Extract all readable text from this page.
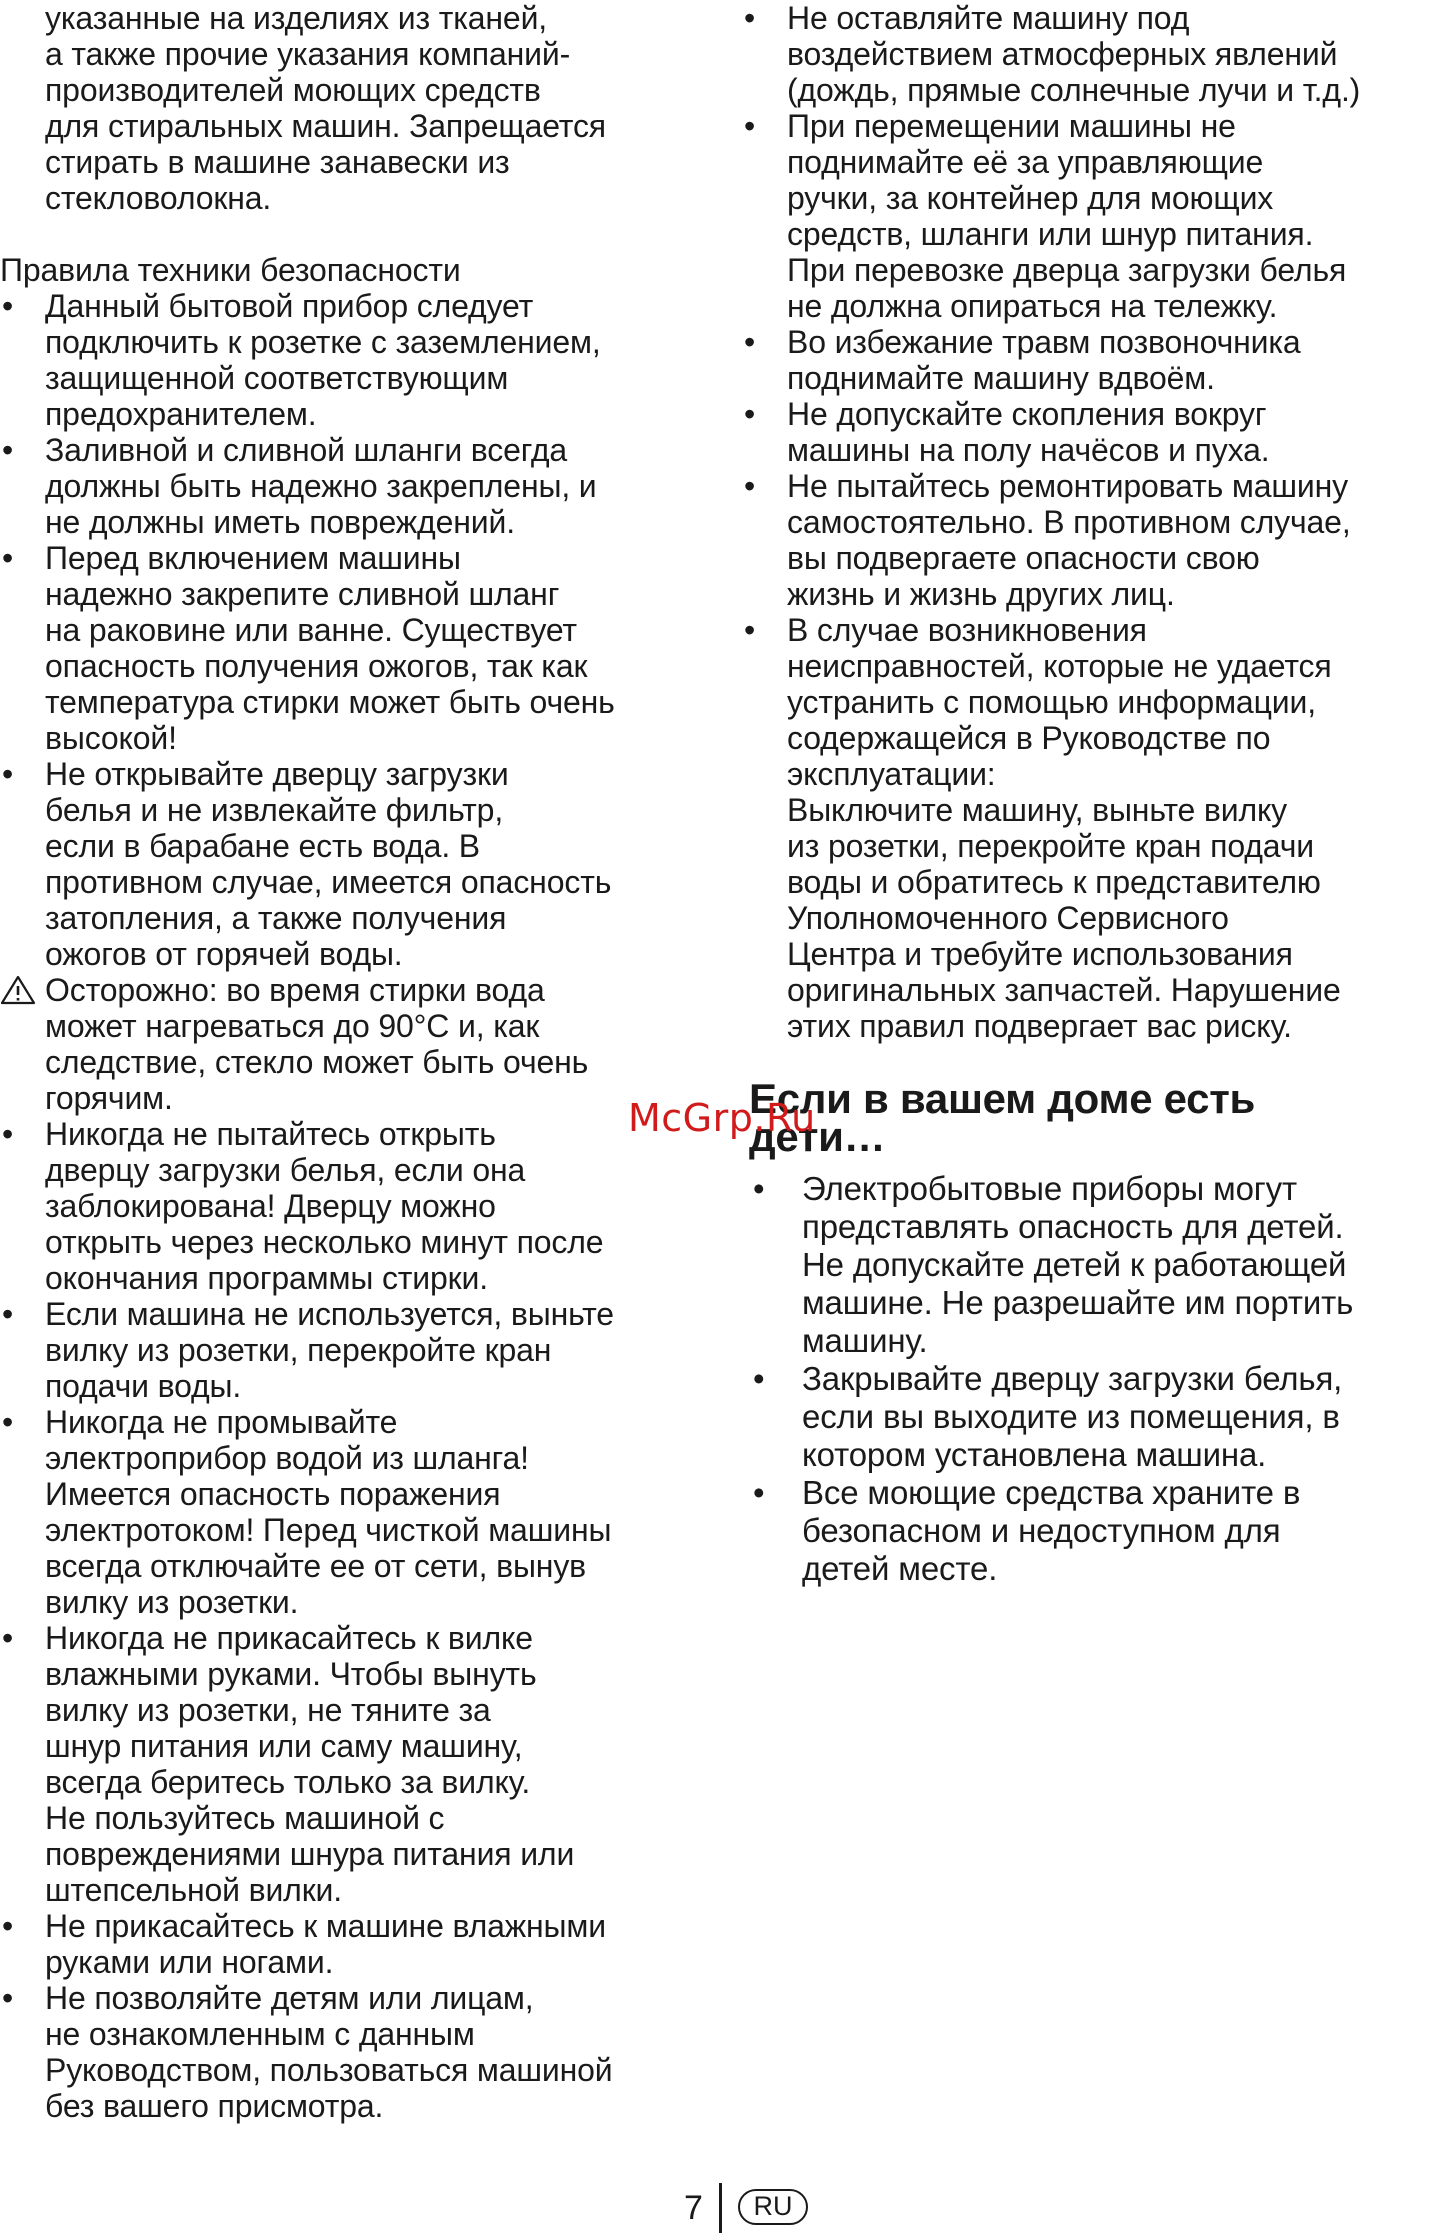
указанные на изделиях из тканей,
а также прочие указания компаний-
производителей моющих средств
для стиральных машин. Запрещается
стирать в машине занавески из
стекловолокна.
Правила техники безопасности
• Данный бытовой прибор следует
подключить к розетке с заземлением,
защищенной соответствующим
предохранителем.
• Заливной и сливной шланги всегда
должны быть надежно закреплены, и
не должны иметь повреждений.
• Перед включением машины
надежно закрепите сливной шланг
на раковине или ванне. Существует
опасность получения ожогов, так как
температура стирки может быть очень
высокой!
• Не открывайте дверцу загрузки
белья и не извлекайте фильтр,
если в барабане есть вода. В
противном случае, имеется опасность
затопления, а также получения
ожогов от горячей воды.
Осторожно: во время стирки вода
может нагреваться до 90°C и, как
следствие, стекло может быть очень
горячим.
• Никогда не пытайтесь открыть
дверцу загрузки белья, если она
заблокирована! Дверцу можно
открыть через несколько минут после
окончания программы стирки.
• Если машина не используется, выньте
вилку из розетки, перекройте кран
подачи воды.
• Никогда не промывайте
электроприбор водой из шланга!
Имеется опасность поражения
электротоком! Перед чисткой машины
всегда отключайте ее от сети, вынув
вилку из розетки.
• Никогда не прикасайтесь к вилке
влажными руками. Чтобы вынуть
вилку из розетки, не тяните за
шнур питания или саму машину,
всегда беритесь только за вилку.
Не пользуйтесь машиной с
повреждениями шнура питания или
штепсельной вилки.
• Не прикасайтесь к машине влажными
руками или ногами.
• Не позволяйте детям или лицам,
не ознакомленным с данным
Руководством, пользоваться машиной
без вашего присмотра.
• Не оставляйте машину под
воздействием атмосферных явлений
(дождь, прямые солнечные лучи и т.д.)
• При перемещении машины не
поднимайте её за управляющие
ручки, за контейнер для моющих
средств, шланги или шнур питания.
При перевозке дверца загрузки белья
не должна опираться на тележку.
• Во избежание травм позвоночника
поднимайте машину вдвоём.
• Не допускайте скопления вокруг
машины на полу начёсов и пуха.
• Не пытайтесь ремонтировать машину
самостоятельно. В противном случае,
вы подвергаете опасности свою
жизнь и жизнь других лиц.
• В случае возникновения
неисправностей, которые не удается
устранить с помощью информации,
содержащейся в Руководстве по
эксплуатации:
Выключите машину, выньте вилку
из розетки, перекройте кран подачи
воды и обратитесь к представителю
Уполномоченного Сервисного
Центра и требуйте использования
оригинальных запчастей. Нарушение
этих правил подвергает вас риску.
Если в вашем доме есть
дети…
• Электробытовые приборы могут
представлять опасность для детей.
Не допускайте детей к работающей
машине. Не разрешайте им портить
машину.
• Закрывайте дверцу загрузки белья,
если вы выходите из помещения, в
котором установлена машина.
• Все моющие средства храните в
безопасном и недоступном для
детей месте.
McGrp.Ru
7	RU
